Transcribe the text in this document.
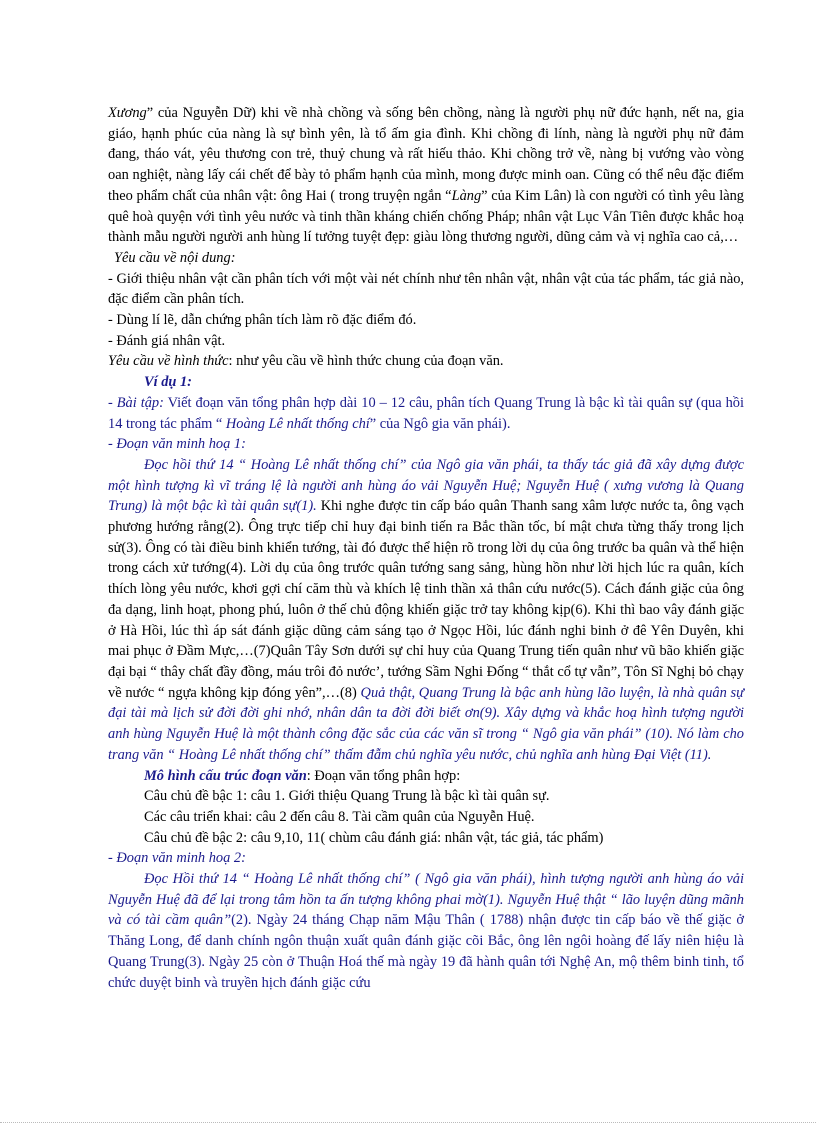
Xương” của Nguyễn Dữ) khi về nhà chồng và sống bên chồng, nàng là người phụ nữ đức hạnh, nết na, gia giáo, hạnh phúc của nàng là sự bình yên, là tổ ấm gia đình. Khi chồng đi lính, nàng là người phụ nữ đảm đang, tháo vát, yêu thương con trẻ, thuỷ chung và rất hiếu thảo. Khi chồng trở về, nàng bị vướng vào vòng oan nghiệt, nàng lấy cái chết để bày tỏ phẩm hạnh của mình, mong được minh oan. Cũng có thể nêu đặc điểm theo phẩm chất của nhân vật: ông Hai ( trong truyện ngắn “Làng” của Kim Lân) là con người có tình yêu làng quê hoà quyện với tình yêu nước và tinh thần kháng chiến chống Pháp; nhân vật Lục Vân Tiên được khắc hoạ thành mẫu người người anh hùng lí tưởng tuyệt đẹp: giàu lòng thương người, dũng cảm và vị nghĩa cao cả,…

Yêu cầu về nội dung:

- Giới thiệu nhân vật cần phân tích với một vài nét chính như tên nhân vật, nhân vật của tác phẩm, tác giả nào, đặc điểm cần phân tích.

- Dùng lí lẽ, dẫn chứng phân tích làm rõ đặc điểm đó.

- Đánh giá nhân vật.

Yêu cầu về hình thức: như yêu cầu về hình thức chung của đoạn văn.

Ví dụ 1:

- Bài tập: Viết đoạn văn tổng phân hợp dài 10 – 12 câu, phân tích Quang Trung là bậc kì tài quân sự (qua hồi 14 trong tác phẩm “ Hoàng Lê nhất thống chí” của Ngô gia văn phái).

- Đoạn văn minh hoạ 1:

Đọc hồi thứ 14 “ Hoàng Lê nhất thống chí” của Ngô gia văn phái, ta thấy tác giả đã xây dựng được một hình tượng kì vĩ tráng lệ là người anh hùng áo vải Nguyễn Huệ; Nguyễn Huệ ( xưng vương là Quang Trung) là một bậc kì tài quân sự(1). Khi nghe được tin cấp báo quân Thanh sang xâm lược nước ta, ông vạch phương hướng rằng(2). Ông trực tiếp chỉ huy đại binh tiến ra Bắc thần tốc, bí mật chưa từng thấy trong lịch sử(3). Ông có tài điều binh khiển tướng, tài đó được thể hiện rõ trong lời dụ của ông trước ba quân và thể hiện trong cách xử tướng(4). Lời dụ của ông trước quân tướng sang sảng, hùng hồn như lời hịch lúc ra quân, kích thích lòng yêu nước, khơi gợi chí căm thù và khích lệ tinh thần xả thân cứu nước(5). Cách đánh giặc của ông đa dạng, linh hoạt, phong phú, luôn ở thế chủ động khiến giặc trở tay không kịp(6). Khi thì bao vây đánh giặc ở Hà Hồi, lúc thì áp sát đánh giặc dũng cảm sáng tạo ở Ngọc Hồi, lúc đánh nghi binh ở đê Yên Duyên, khi mai phục ở Đầm Mực,…(7)Quân Tây Sơn dưới sự chỉ huy của Quang Trung tiến quân như vũ bão khiến giặc đại bại “ thây chất đầy đồng, máu trôi đỏ nước’, tướng Sầm Nghi Đống “ thắt cổ tự vẫn”, Tôn Sĩ Nghị bỏ chạy về nước “ ngựa không kịp đóng yên”,…(8) Quả thật, Quang Trung là bậc anh hùng lão luyện, là nhà quân sự đại tài mà lịch sử đời đời ghi nhớ, nhân dân ta đời đời biết ơn(9). Xây dựng và khắc hoạ hình tượng người anh hùng Nguyễn Huệ là một thành công đặc sắc của các văn sĩ trong “ Ngô gia văn phái” (10). Nó làm cho trang văn “ Hoàng Lê nhất thống chí” thấm đẫm chủ nghĩa yêu nước, chủ nghĩa anh hùng Đại Việt (11).

Mô hình cấu trúc đoạn văn: Đoạn văn tổng phân hợp:

Câu chủ đề bậc 1: câu 1. Giới thiệu Quang Trung là bậc kì tài quân sự.

Các câu triển khai: câu 2 đến câu 8. Tài cầm quân của Nguyễn Huệ.

Câu chủ đề bậc 2: câu 9,10, 11( chùm câu đánh giá: nhân vật, tác giả, tác phẩm)

- Đoạn văn minh hoạ 2:

Đọc Hồi thứ 14 “ Hoàng Lê nhất thống chí” ( Ngô gia văn phái), hình tượng người anh hùng áo vải Nguyễn Huệ đã để lại trong tâm hồn ta ấn tượng không phai mờ(1). Nguyễn Huệ thật “ lão luyện dũng mãnh và có tài cầm quân”(2). Ngày 24 tháng Chạp năm Mậu Thân ( 1788) nhận được tin cấp báo về thế giặc ở Thăng Long, để danh chính ngôn thuận xuất quân đánh giặc cõi Bắc, ông lên ngôi hoàng đế lấy niên hiệu là Quang Trung(3). Ngày 25 còn ở Thuận Hoá thế mà ngày 19 đã hành quân tới Nghệ An, mộ thêm binh tinh, tổ chức duyệt binh và truyền hịch đánh giặc cứu
